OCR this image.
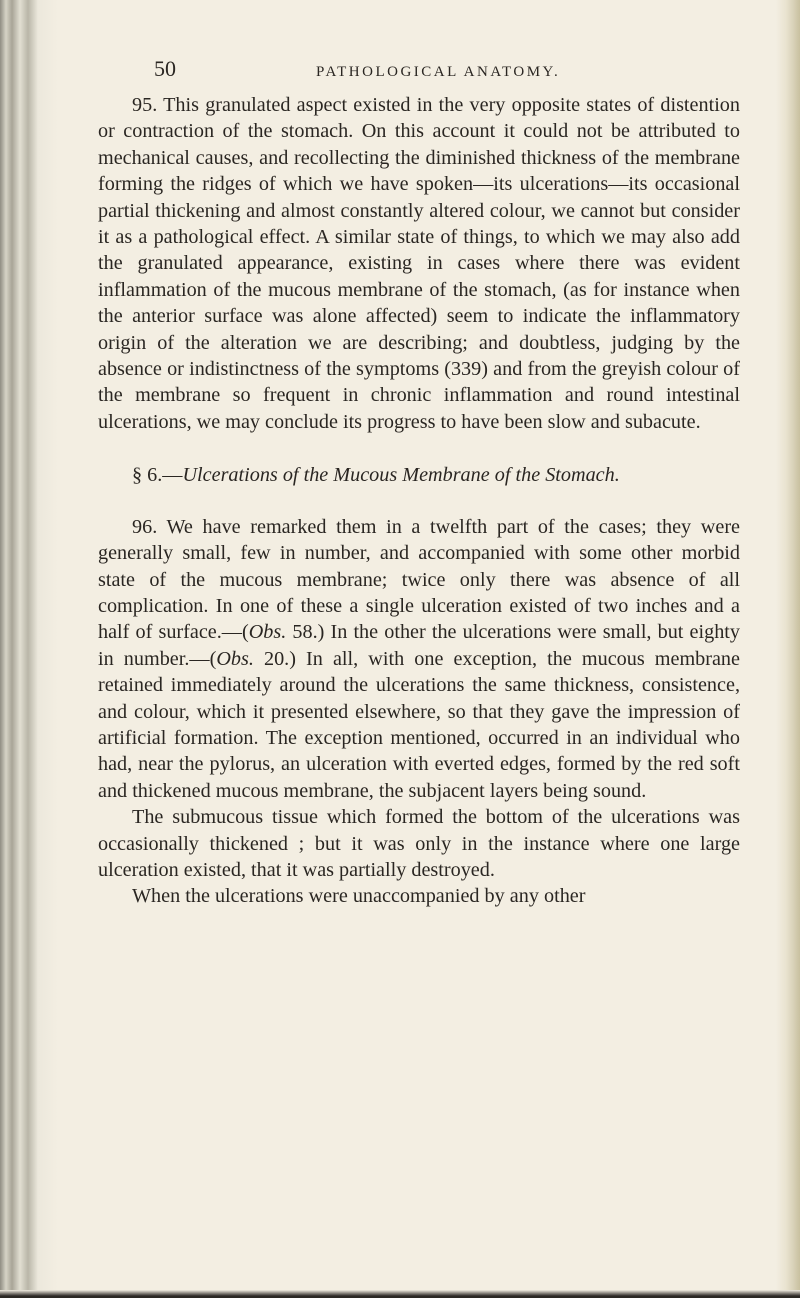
50	PATHOLOGICAL ANATOMY.

95. This granulated aspect existed in the very opposite states of distention or contraction of the stomach. On this account it could not be attributed to mechanical causes, and recollecting the diminished thickness of the membrane forming the ridges of which we have spoken—its ulcerations—its occasional partial thickening and almost constantly altered colour, we cannot but consider it as a pathological effect. A similar state of things, to which we may also add the granulated appearance, existing in cases where there was evident inflammation of the mucous membrane of the stomach, (as for instance when the anterior surface was alone affected) seem to indicate the inflammatory origin of the alteration we are describing; and doubtless, judging by the absence or indistinctness of the symptoms (339) and from the greyish colour of the membrane so frequent in chronic inflammation and round intestinal ulcerations, we may conclude its progress to have been slow and subacute.

§ 6.—Ulcerations of the Mucous Membrane of the Stomach.

96. We have remarked them in a twelfth part of the cases; they were generally small, few in number, and accompanied with some other morbid state of the mucous membrane; twice only there was absence of all complication. In one of these a single ulceration existed of two inches and a half of surface.—(Obs. 58.) In the other the ulcerations were small, but eighty in number.—(Obs. 20.) In all, with one exception, the mucous membrane retained immediately around the ulcerations the same thickness, consistence, and colour, which it presented elsewhere, so that they gave the impression of artificial formation. The exception mentioned, occurred in an individual who had, near the pylorus, an ulceration with everted edges, formed by the red soft and thickened mucous membrane, the subjacent layers being sound.

The submucous tissue which formed the bottom of the ulcerations was occasionally thickened ; but it was only in the instance where one large ulceration existed, that it was partially destroyed.

When the ulcerations were unaccompanied by any other
